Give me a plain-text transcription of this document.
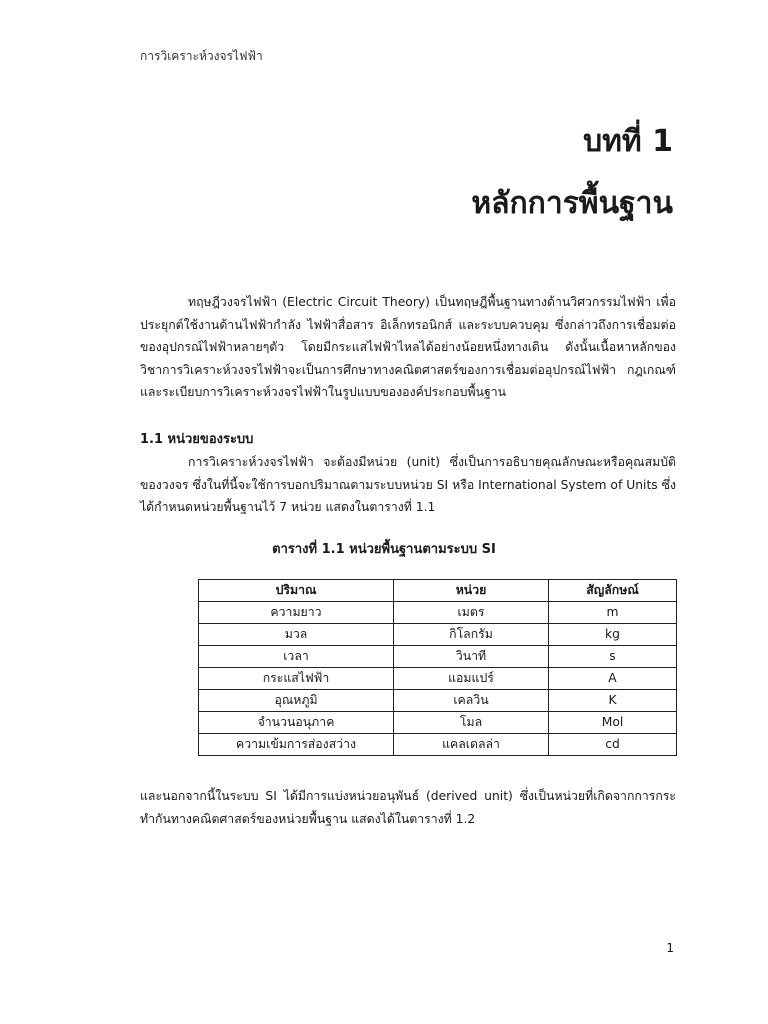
การวิเคราะห์วงจรไฟฟ้า
บทที่ 1
หลักการพื้นฐาน

ทฤษฎีวงจรไฟฟ้า (Electric Circuit Theory) เป็นทฤษฎีพื้นฐานทางด้านวิศวกรรมไฟฟ้า เพื่อประยุกต์ใช้งานด้านไฟฟ้ากำลัง ไฟฟ้าสื่อสาร อิเล็กทรอนิกส์ และระบบควบคุม ซึ่งกล่าวถึงการเชื่อมต่อของอุปกรณ์ไฟฟ้าหลายๆตัว โดยมีกระแสไฟฟ้าไหลได้อย่างน้อยหนึ่งทางเดิน ดังนั้นเนื้อหาหลักของวิชาการวิเคราะห์วงจรไฟฟ้าจะเป็นการศึกษาทางคณิตศาสตร์ของการเชื่อมต่ออุปกรณ์ไฟฟ้า กฎเกณฑ์ และระเบียบการวิเคราะห์วงจรไฟฟ้าในรูปแบบขององค์ประกอบพื้นฐาน

1.1 หน่วยของระบบ

การวิเคราะห์วงจรไฟฟ้า จะต้องมีหน่วย (unit) ซึ่งเป็นการอธิบายคุณลักษณะหรือคุณสมบัติของวงจร ซึ่งในที่นี้จะใช้การบอกปริมาณตามระบบหน่วย SI หรือ International System of Units ซึ่งได้กำหนดหน่วยพื้นฐานไว้ 7 หน่วย แสดงในตารางที่ 1.1

ตารางที่ 1.1 หน่วยพื้นฐานตามระบบ SI
ปริมาณ	หน่วย	สัญลักษณ์
ความยาว	เมตร	m
มวล	กิโลกรัม	kg
เวลา	วินาที	s
กระแสไฟฟ้า	แอมแปร์	A
อุณหภูมิ	เคลวิน	K
จำนวนอนุภาค	โมล	Mol
ความเข้มการส่องสว่าง	แคลเดลล่า	cd

และนอกจากนี้ในระบบ SI ได้มีการแบ่งหน่วยอนุพันธ์ (derived unit) ซึ่งเป็นหน่วยที่เกิดจากการกระทำกันทางคณิตศาสตร์ของหน่วยพื้นฐาน แสดงได้ในตารางที่ 1.2

1
